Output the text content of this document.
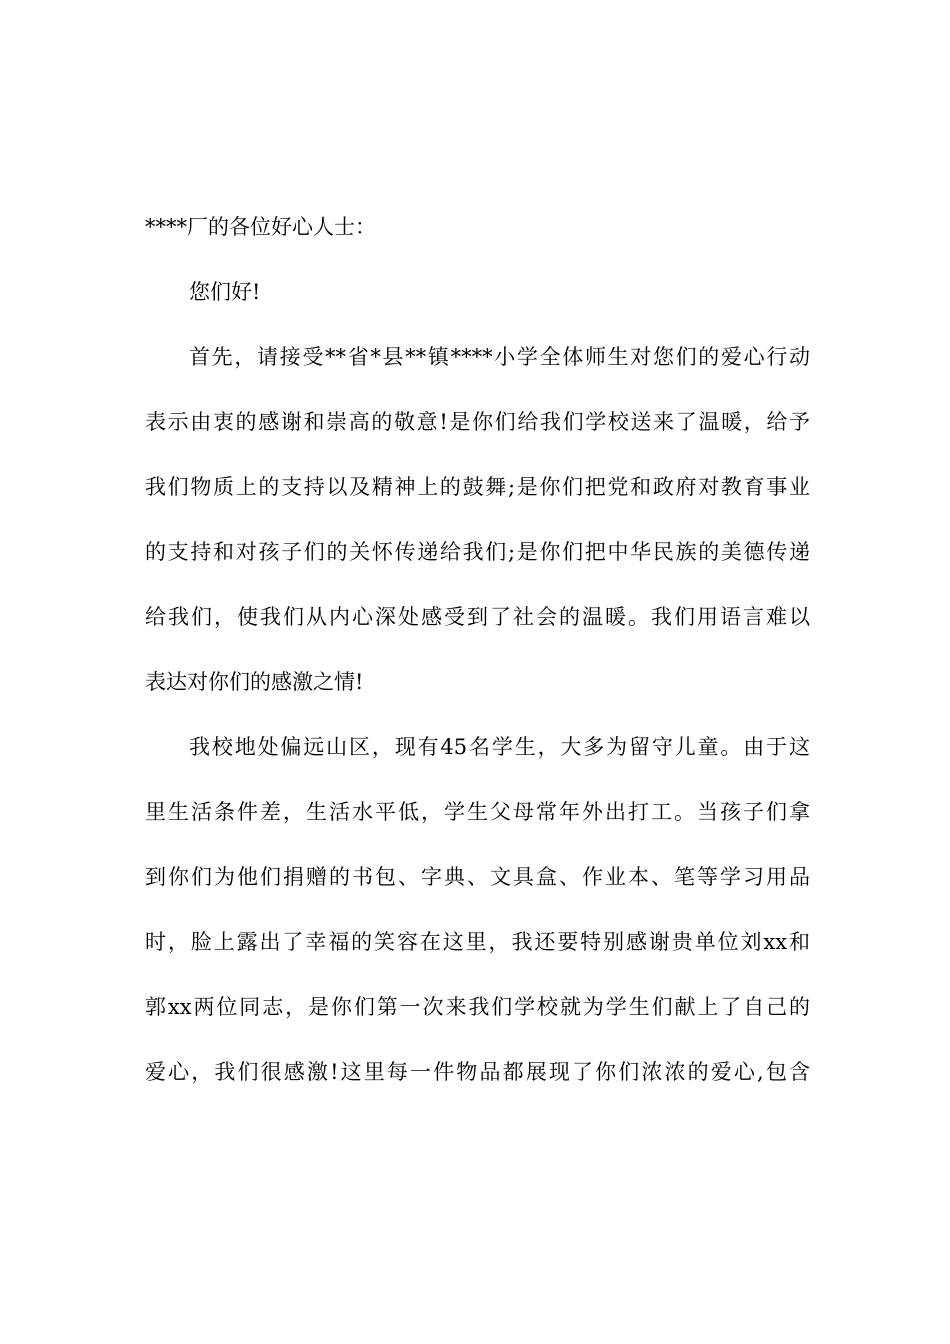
****厂的各位好心人士：
您们好!
首先，请接受**省*县**镇****小学全体师生对您们的爱心行动
表示由衷的感谢和崇高的敬意!是你们给我们学校送来了温暖，给予
我们物质上的支持以及精神上的鼓舞;是你们把党和政府对教育事业
的支持和对孩子们的关怀传递给我们;是你们把中华民族的美德传递
给我们，使我们从内心深处感受到了社会的温暖。我们用语言难以
表达对你们的感激之情!
我校地处偏远山区，现有45名学生，大多为留守儿童。由于这
里生活条件差，生活水平低，学生父母常年外出打工。当孩子们拿
到你们为他们捐赠的书包、字典、文具盒、作业本、笔等学习用品
时，脸上露出了幸福的笑容在这里，我还要特别感谢贵单位刘xx和
郭xx两位同志，是你们第一次来我们学校就为学生们献上了自己的
爱心，我们很感激!这里每一件物品都展现了你们浓浓的爱心,包含
